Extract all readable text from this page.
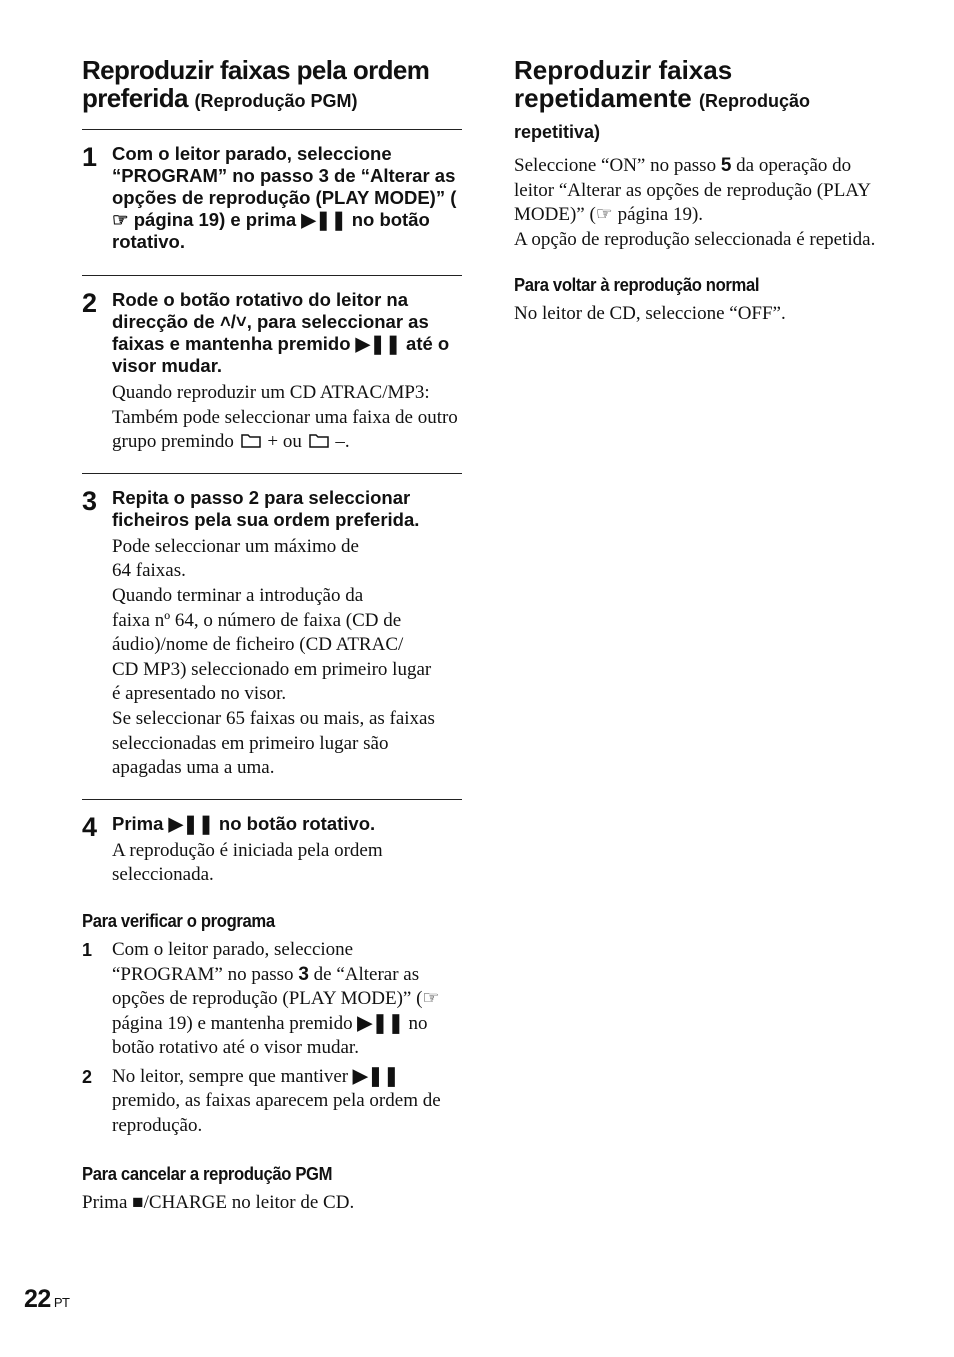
Reproduzir faixas pela ordem preferida (Reprodução PGM)
1 Com o leitor parado, seleccione “PROGRAM” no passo 3 de “Alterar as opções de reprodução (PLAY MODE)” (☞ página 19) e prima ▶❚❚ no botão rotativo.

2 Rode o botão rotativo do leitor na direcção de ˄/˅, para seleccionar as faixas e mantenha premido ▶❚❚ até o visor mudar.

Quando reproduzir um CD ATRAC/MP3: Também pode seleccionar uma faixa de outro grupo premindo  + ou  –.

3 Repita o passo 2 para seleccionar ficheiros pela sua ordem preferida.

Pode seleccionar um máximo de
64 faixas.
Quando terminar a introdução da
faixa nº 64, o número de faixa (CD de
áudio)/nome de ficheiro (CD ATRAC/
CD MP3) seleccionado em primeiro lugar
é apresentado no visor.
Se seleccionar 65 faixas ou mais, as faixas
seleccionadas em primeiro lugar são
apagadas uma a uma.

4 Prima ▶❚❚ no botão rotativo.

A reprodução é iniciada pela ordem seleccionada.

Para verificar o programa

1 Com o leitor parado, seleccione “PROGRAM” no passo 3 de “Alterar as opções de reprodução (PLAY MODE)” (☞ página 19) e mantenha premido ▶❚❚ no botão rotativo até o visor mudar.
2 No leitor, sempre que mantiver ▶❚❚ premido, as faixas aparecem pela ordem de reprodução.

Para cancelar a reprodução PGM

Prima ■/CHARGE no leitor de CD.

Reproduzir faixas repetidamente (Reprodução repetitiva)

Seleccione “ON” no passo 5 da operação do leitor “Alterar as opções de reprodução (PLAY MODE)” (☞ página 19).
A opção de reprodução seleccionada é repetida.

Para voltar à reprodução normal

No leitor de CD, seleccione “OFF”.

22 PT
